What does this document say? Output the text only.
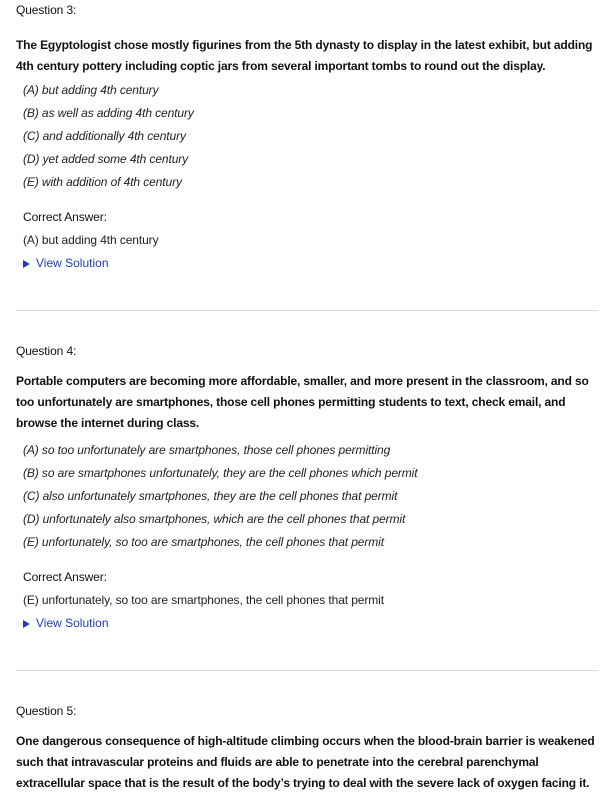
Question 3:
The Egyptologist chose mostly figurines from the 5th dynasty to display in the latest exhibit, but adding 4th century pottery including coptic jars from several important tombs to round out the display.
(A) but adding 4th century
(B) as well as adding 4th century
(C) and additionally 4th century
(D) yet added some 4th century
(E) with addition of 4th century
Correct Answer:
(A) but adding 4th century
View Solution
Question 4:
Portable computers are becoming more affordable, smaller, and more present in the classroom, and so too unfortunately are smartphones, those cell phones permitting students to text, check email, and browse the internet during class.
(A) so too unfortunately are smartphones, those cell phones permitting
(B) so are smartphones unfortunately, they are the cell phones which permit
(C) also unfortunately smartphones, they are the cell phones that permit
(D) unfortunately also smartphones, which are the cell phones that permit
(E) unfortunately, so too are smartphones, the cell phones that permit
Correct Answer:
(E) unfortunately, so too are smartphones, the cell phones that permit
View Solution
Question 5:
One dangerous consequence of high-altitude climbing occurs when the blood-brain barrier is weakened such that intravascular proteins and fluids are able to penetrate into the cerebral parenchymal extracellular space that is the result of the body’s trying to deal with the severe lack of oxygen facing it.
